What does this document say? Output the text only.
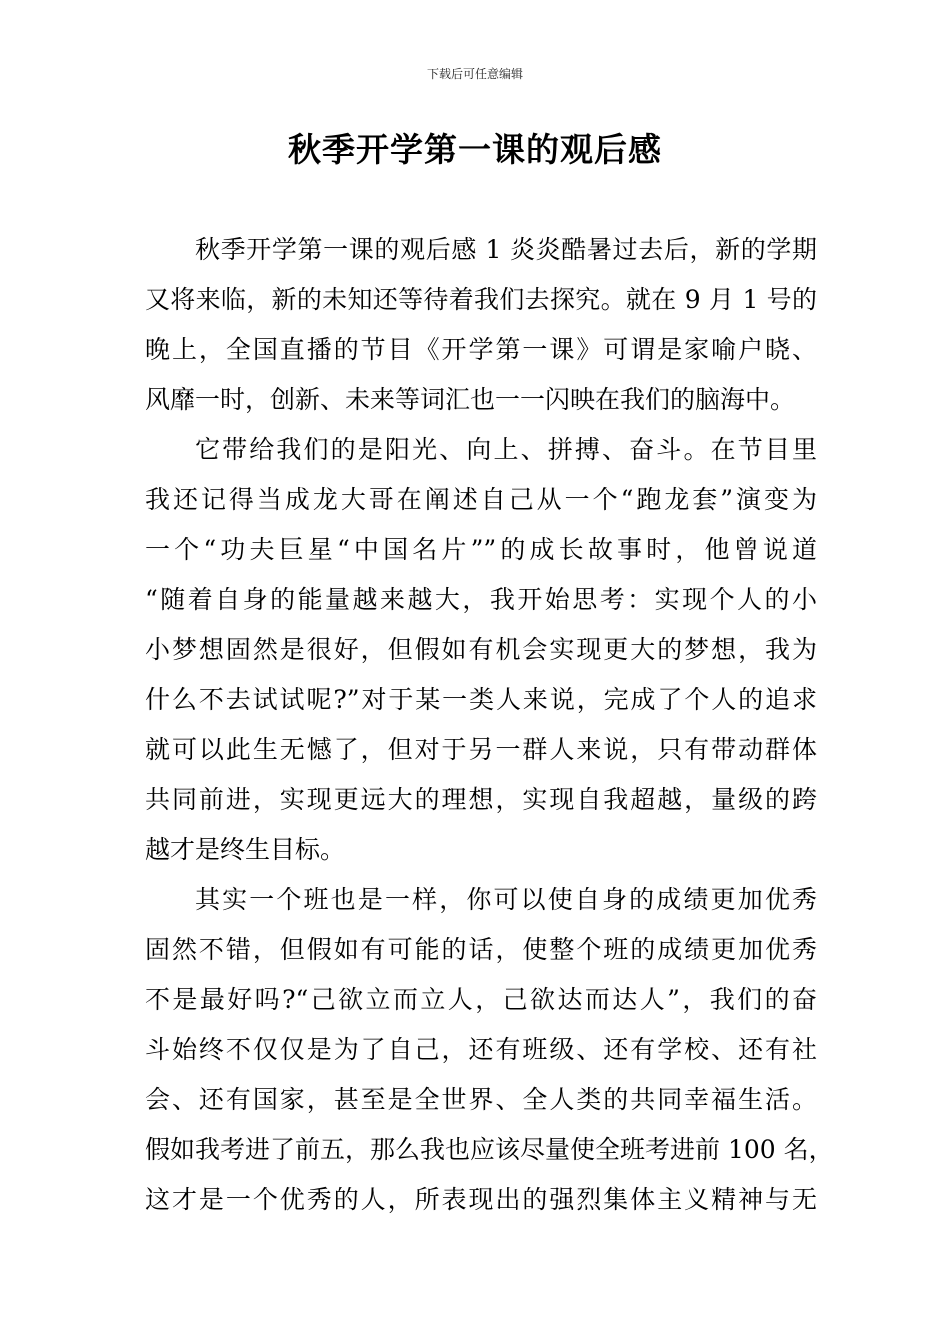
下载后可任意编辑
秋季开学第一课的观后感
秋季开学第一课的观后感 1 炎炎酷暑过去后，新的学期
又将来临，新的未知还等待着我们去探究。就在 9 月 1 号的
晚上，全国直播的节目《开学第一课》可谓是家喻户晓、
风靡一时，创新、未来等词汇也一一闪映在我们的脑海中。
它带给我们的是阳光、向上、拼搏、奋斗。在节目里
我还记得当成龙大哥在阐述自己从一个“跑龙套”演变为
一个“功夫巨星“中国名片””的成长故事时，他曾说道
“随着自身的能量越来越大，我开始思考：实现个人的小
小梦想固然是很好，但假如有机会实现更大的梦想，我为
什么不去试试呢?”对于某一类人来说，完成了个人的追求
就可以此生无憾了，但对于另一群人来说，只有带动群体
共同前进，实现更远大的理想，实现自我超越，量级的跨
越才是终生目标。
其实一个班也是一样，你可以使自身的成绩更加优秀
固然不错，但假如有可能的话，使整个班的成绩更加优秀
不是最好吗?“己欲立而立人，己欲达而达人”，我们的奋
斗始终不仅仅是为了自己，还有班级、还有学校、还有社
会、还有国家，甚至是全世界、全人类的共同幸福生活。
假如我考进了前五，那么我也应该尽量使全班考进前 100 名，
这才是一个优秀的人，所表现出的强烈集体主义精神与无
